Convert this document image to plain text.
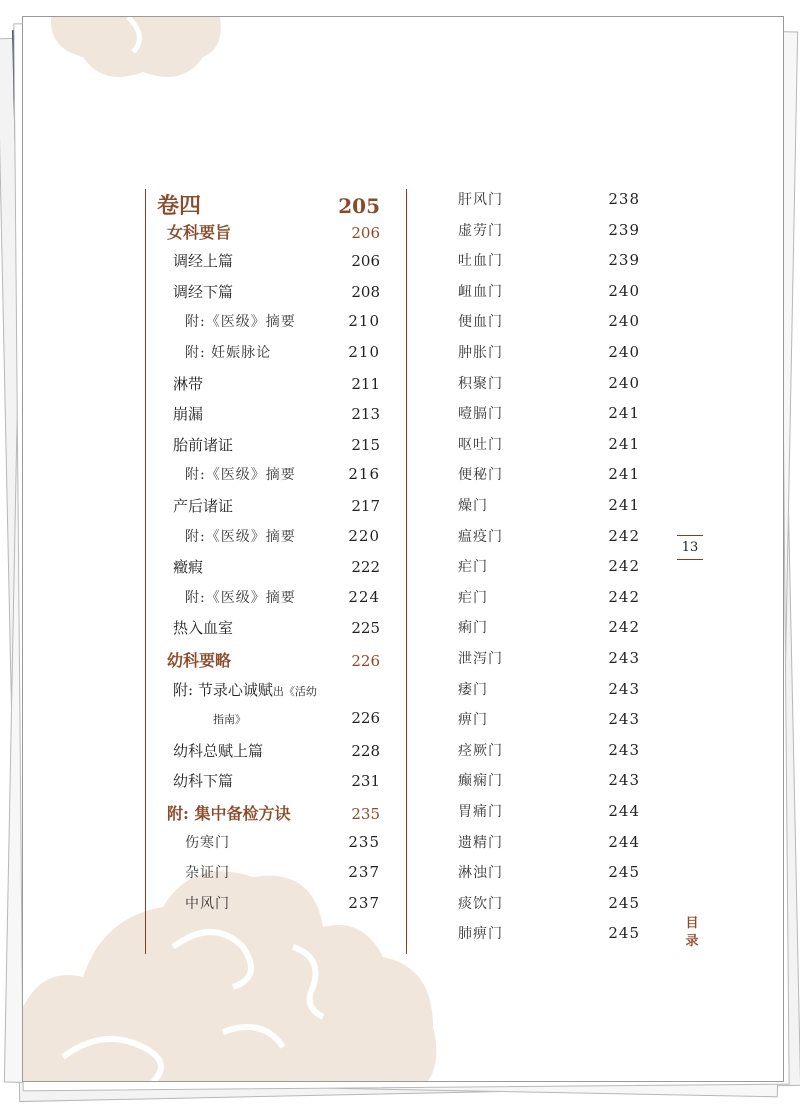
卷四	205
女科要旨	206
调经上篇	206
调经下篇	208
附:《医级》摘要	210
附: 妊娠脉论	210
淋带	211
崩漏	213
胎前诸证	215
附:《医级》摘要	216
产后诸证	217
附:《医级》摘要	220
癥瘕	222
附:《医级》摘要	224
热入血室	225
幼科要略	226
附: 节录心诚赋出《活幼
指南》	226
幼科总赋上篇	228
幼科下篇	231
附: 集中备检方诀	235
伤寒门	235
杂证门	237
中风门	237
肝风门	238
虚劳门	239
吐血门	239
衄血门	240
便血门	240
肿胀门	240
积聚门	240
噎膈门	241
呕吐门	241
便秘门	241
燥门	241
瘟疫门	242
疟门	242
疟门	242
痢门	242
泄泻门	243
痿门	243
痹门	243
痉厥门	243
癫痫门	243
胃痛门	244
遗精门	244
淋浊门	245
痰饮门	245
肺痹门	245
13
目录
